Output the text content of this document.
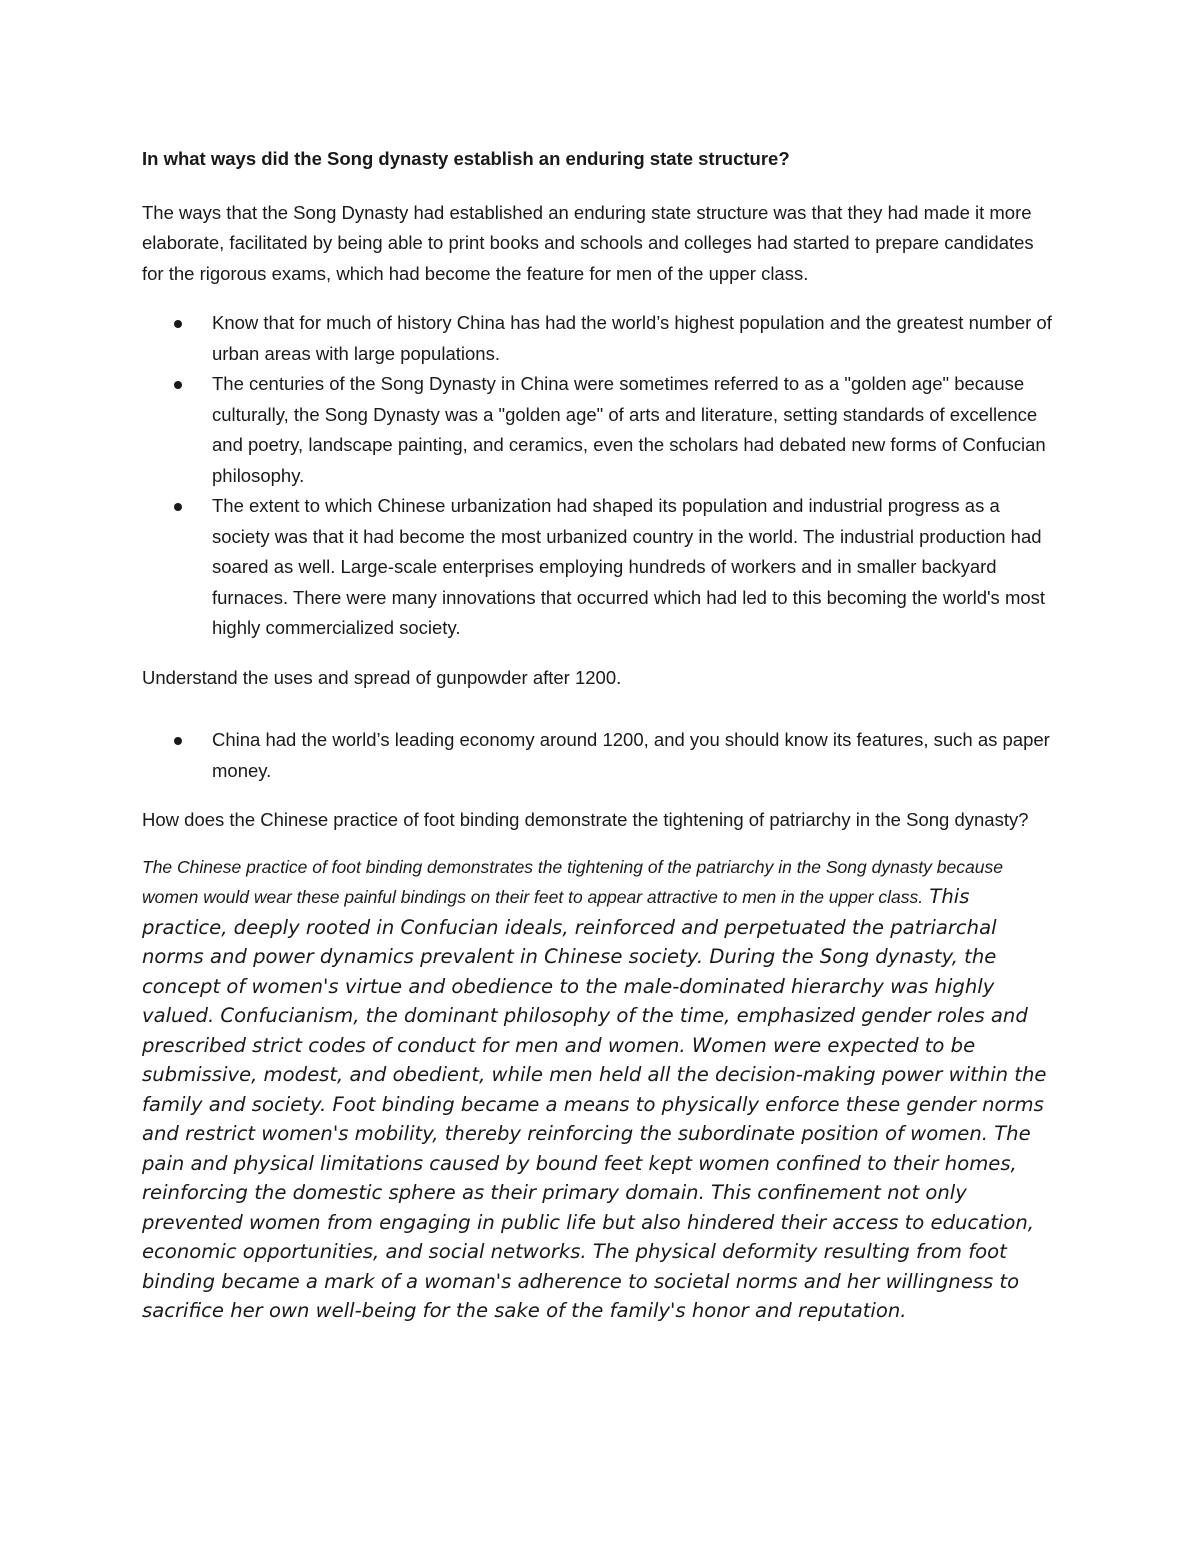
In what ways did the Song dynasty establish an enduring state structure?

The ways that the Song Dynasty had established an enduring state structure was that they had made it more elaborate, facilitated by being able to print books and schools and colleges had started to prepare candidates for the rigorous exams, which had become the feature for men of the upper class.

Know that for much of history China has had the world’s highest population and the greatest number of urban areas with large populations.
The centuries of the Song Dynasty in China were sometimes referred to as a "golden age" because culturally, the Song Dynasty was a "golden age" of arts and literature, setting standards of excellence and poetry, landscape painting, and ceramics, even the scholars had debated new forms of Confucian philosophy.
The extent to which Chinese urbanization had shaped its population and industrial progress as a society was that it had become the most urbanized country in the world. The industrial production had soared as well. Large-scale enterprises employing hundreds of workers and in smaller backyard furnaces. There were many innovations that occurred which had led to this becoming the world's most highly commercialized society.

Understand the uses and spread of gunpowder after 1200.

China had the world’s leading economy around 1200, and you should know its features, such as paper money.

How does the Chinese practice of foot binding demonstrate the tightening of patriarchy in the Song dynasty?

The Chinese practice of foot binding demonstrates the tightening of the patriarchy in the Song dynasty because women would wear these painful bindings on their feet to appear attractive to men in the upper class. This practice, deeply rooted in Confucian ideals, reinforced and perpetuated the patriarchal norms and power dynamics prevalent in Chinese society. During the Song dynasty, the concept of women's virtue and obedience to the male-dominated hierarchy was highly valued. Confucianism, the dominant philosophy of the time, emphasized gender roles and prescribed strict codes of conduct for men and women. Women were expected to be submissive, modest, and obedient, while men held all the decision-making power within the family and society. Foot binding became a means to physically enforce these gender norms and restrict women's mobility, thereby reinforcing the subordinate position of women. The pain and physical limitations caused by bound feet kept women confined to their homes, reinforcing the domestic sphere as their primary domain. This confinement not only prevented women from engaging in public life but also hindered their access to education, economic opportunities, and social networks. The physical deformity resulting from foot binding became a mark of a woman's adherence to societal norms and her willingness to sacrifice her own well-being for the sake of the family's honor and reputation.
